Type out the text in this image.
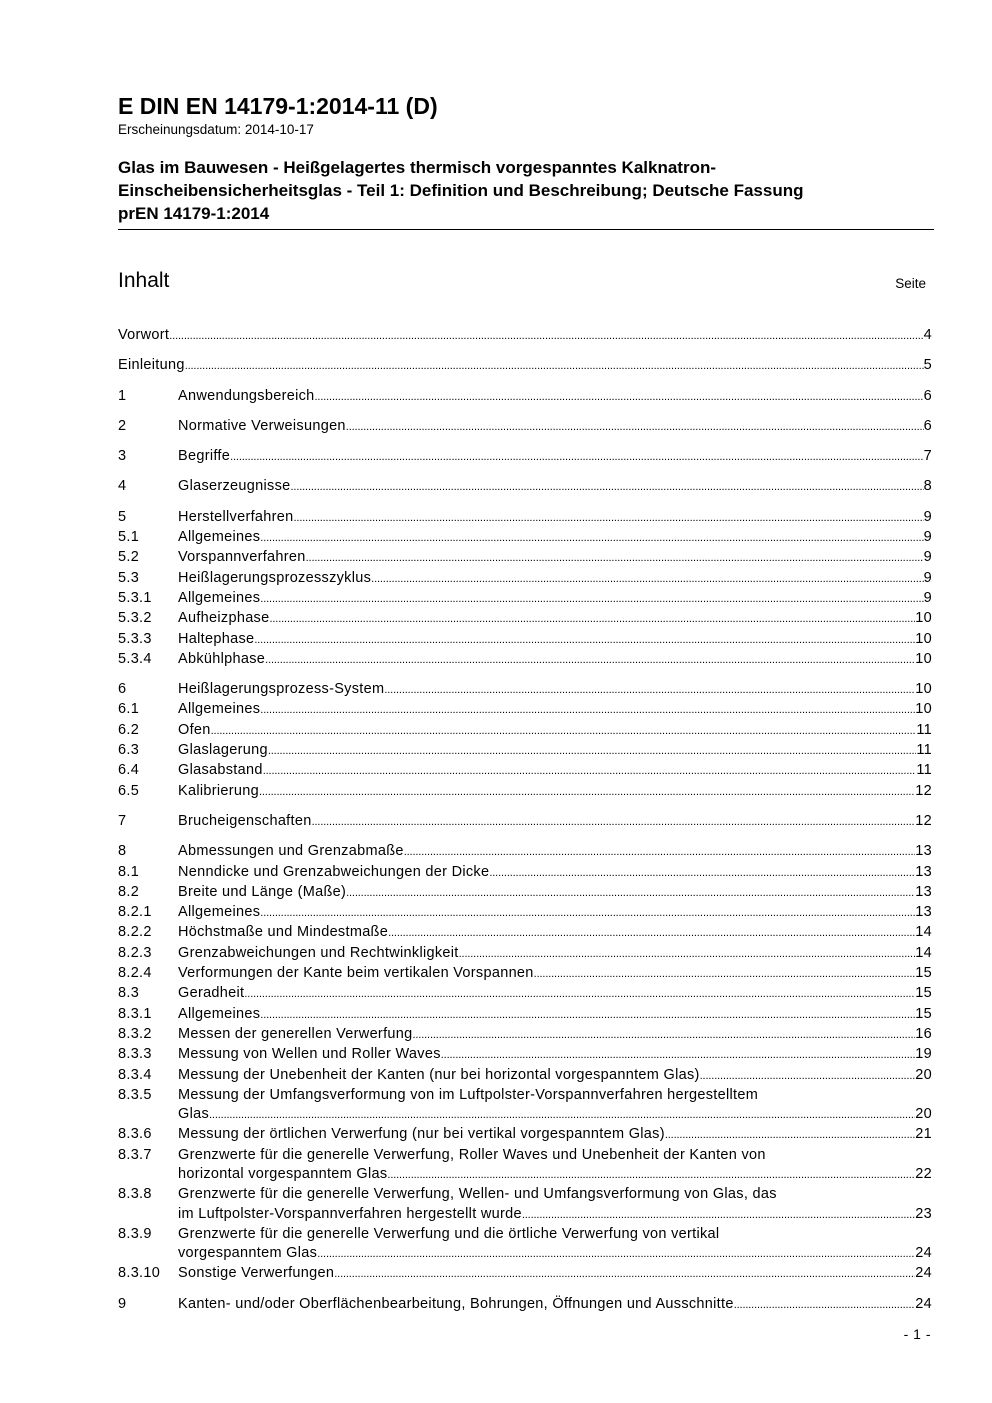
E DIN EN 14179-1:2014-11 (D)
Erscheinungsdatum: 2014-10-17
Glas im Bauwesen - Heißgelagertes thermisch vorgespanntes Kalknatron-
Einscheibensicherheitsglas - Teil 1: Definition und Beschreibung; Deutsche Fassung
prEN 14179-1:2014
Inhalt	Seite
Vorwort . . .	4
Einleitung . . .	5
1	Anwendungsbereich . . .	6
2	Normative Verweisungen . . .	6
3	Begriffe . . .	7
4	Glaserzeugnisse . . .	8
5	Herstellverfahren . . .	9
5.1	Allgemeines . . .	9
5.2	Vorspannverfahren . . .	9
5.3	Heißlagerungsprozesszyklus . . .	9
5.3.1 Allgemeines . . .	9
5.3.2 Aufheizphase . . .	10
5.3.3 Haltephase . . .	10
5.3.4 Abkühlphase . . .	10
6	Heißlagerungsprozess-System . . .	10
6.1	Allgemeines . . .	10
6.2	Ofen . . .	11
6.3	Glaslagerung . . .	11
6.4	Glasabstand . . .	11
6.5	Kalibrierung . . .	12
7	Brucheigenschaften . . .	12
8	Abmessungen und Grenzabmaße . . .	13
8.1	Nenndicke und Grenzabweichungen der Dicke . . .	13
8.2	Breite und Länge (Maße) . . .	13
8.2.1 Allgemeines . . .	13
8.2.2 Höchstmaße und Mindestmaße . . .	14
8.2.3 Grenzabweichungen und Rechtwinkligkeit . . .	14
8.2.4 Verformungen der Kante beim vertikalen Vorspannen . . .	15
8.3	Geradheit . . .	15
8.3.1 Allgemeines . . .	15
8.3.2 Messen der generellen Verwerfung . . .	16
8.3.3 Messung von Wellen und Roller Waves . . .	19
8.3.4 Messung der Unebenheit der Kanten (nur bei horizontal vorgespanntem Glas) . . .	20
8.3.5 Messung der Umfangsverformung von im Luftpolster-Vorspannverfahren hergestelltem
Glas . . .	20
8.3.6 Messung der örtlichen Verwerfung (nur bei vertikal vorgespanntem Glas) . . .	21
8.3.7 Grenzwerte für die generelle Verwerfung, Roller Waves und Unebenheit der Kanten von
horizontal vorgespanntem Glas . . .	22
8.3.8 Grenzwerte für die generelle Verwerfung, Wellen- und Umfangsverformung von Glas, das
im Luftpolster-Vorspannverfahren hergestellt wurde . . .	23
8.3.9 Grenzwerte für die generelle Verwerfung und die örtliche Verwerfung von vertikal
vorgespanntem Glas . . .	24
8.3.10 Sonstige Verwerfungen . . .	24
9	Kanten- und/oder Oberflächenbearbeitung, Bohrungen, Öffnungen und Ausschnitte . . .	24
- 1 -
